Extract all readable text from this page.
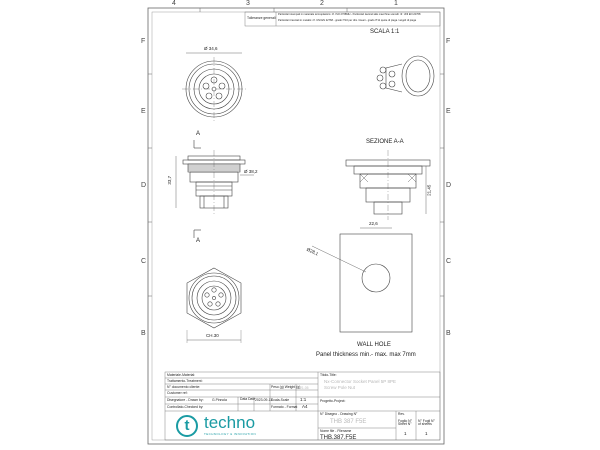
4	3	2	1
F
E
D
C
B
F
E
D
C
B
Tolleranze generali
Particolari stampati in materiale termoplastico: rif. ISO 2768MH - Particolari lavorati alle macchine utensili: rif. UNI EN 22768
Particolari tranciati in metallo: rif. UNI EN 22768 - grado IT10 per dim. lineari - grado IT11 quote di piega / angoli di piega
SCALA 1:1
SEZIONE A-A
A
A
WALL HOLE
Panel thickness min.- max. max 7mm
Ø 34,6
Ø 38,2
33,7
CH.30
21,45
22,6
Ø28,1
Materiale-Material:
Trattamento-Treatment:
N° documento cliente:
Customer ref:
Disegnatore - Drawn by: G.Pinnola	Data Date 2023-09-11
Scala-Scale 1:1
Peso (g) Weight (g) 21.05
Controllato-Checked by:	Formato - Format A4
Titolo-Title:
Nx-Connector Socket Panel 5P 8PE
Screw Pole Nut
Progetto-Project:
N° Disegno - Drawing N°
THB 387 F5E
Nome file - Filename
THB.387.F5E
Rev.
Foglio N° Sheet N°
1
N° Fogli N° of sheets
1
t techno
TECHNOLOGY & INNOVATION
